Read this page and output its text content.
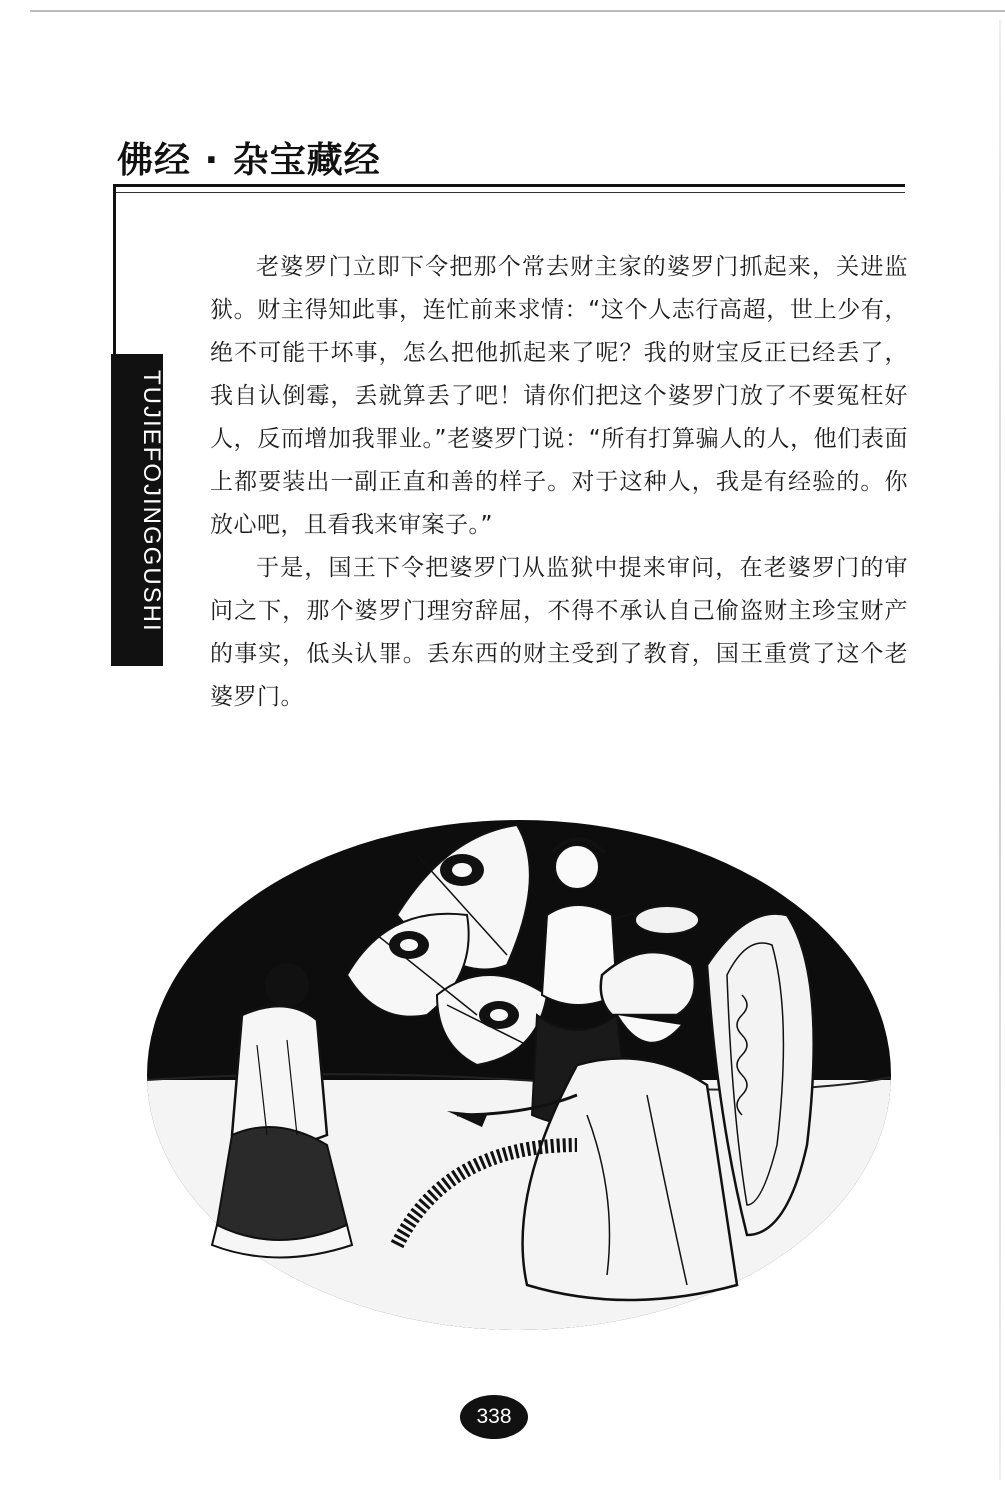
佛经 · 杂宝藏经
TUJIEFOJINGGUSHI

老婆罗门立即下令把那个常去财主家的婆罗门抓起来，关进监狱。财主得知此事，连忙前来求情：“这个人志行高超，世上少有，绝不可能干坏事，怎么把他抓起来了呢？我的财宝反正已经丢了，我自认倒霉，丢就算丢了吧！请你们把这个婆罗门放了不要冤枉好人，反而增加我罪业。”老婆罗门说：“所有打算骗人的人，他们表面上都要装出一副正直和善的样子。对于这种人，我是有经验的。你放心吧，且看我来审案子。”

于是，国王下令把婆罗门从监狱中提来审问，在老婆罗门的审问之下，那个婆罗门理穷辞屈，不得不承认自己偷盗财主珍宝财产的事实，低头认罪。丢东西的财主受到了教育，国王重赏了这个老婆罗门。

338
